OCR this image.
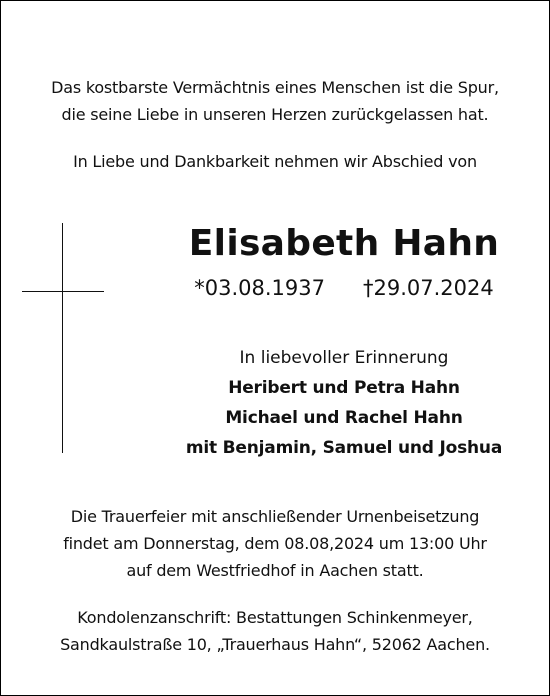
Das kostbarste Vermächtnis eines Menschen ist die Spur,
die seine Liebe in unseren Herzen zurückgelassen hat.
In Liebe und Dankbarkeit nehmen wir Abschied von
Elisabeth Hahn
*03.08.1937 †29.07.2024
In liebevoller Erinnerung
Heribert und Petra Hahn
Michael und Rachel Hahn
mit Benjamin, Samuel und Joshua
Die Trauerfeier mit anschließender Urnenbeisetzung
findet am Donnerstag, dem 08.08,2024 um 13:00 Uhr
auf dem Westfriedhof in Aachen statt.
Kondolenzanschrift: Bestattungen Schinkenmeyer,
Sandkaulstraße 10, „Trauerhaus Hahn“, 52062 Aachen.
